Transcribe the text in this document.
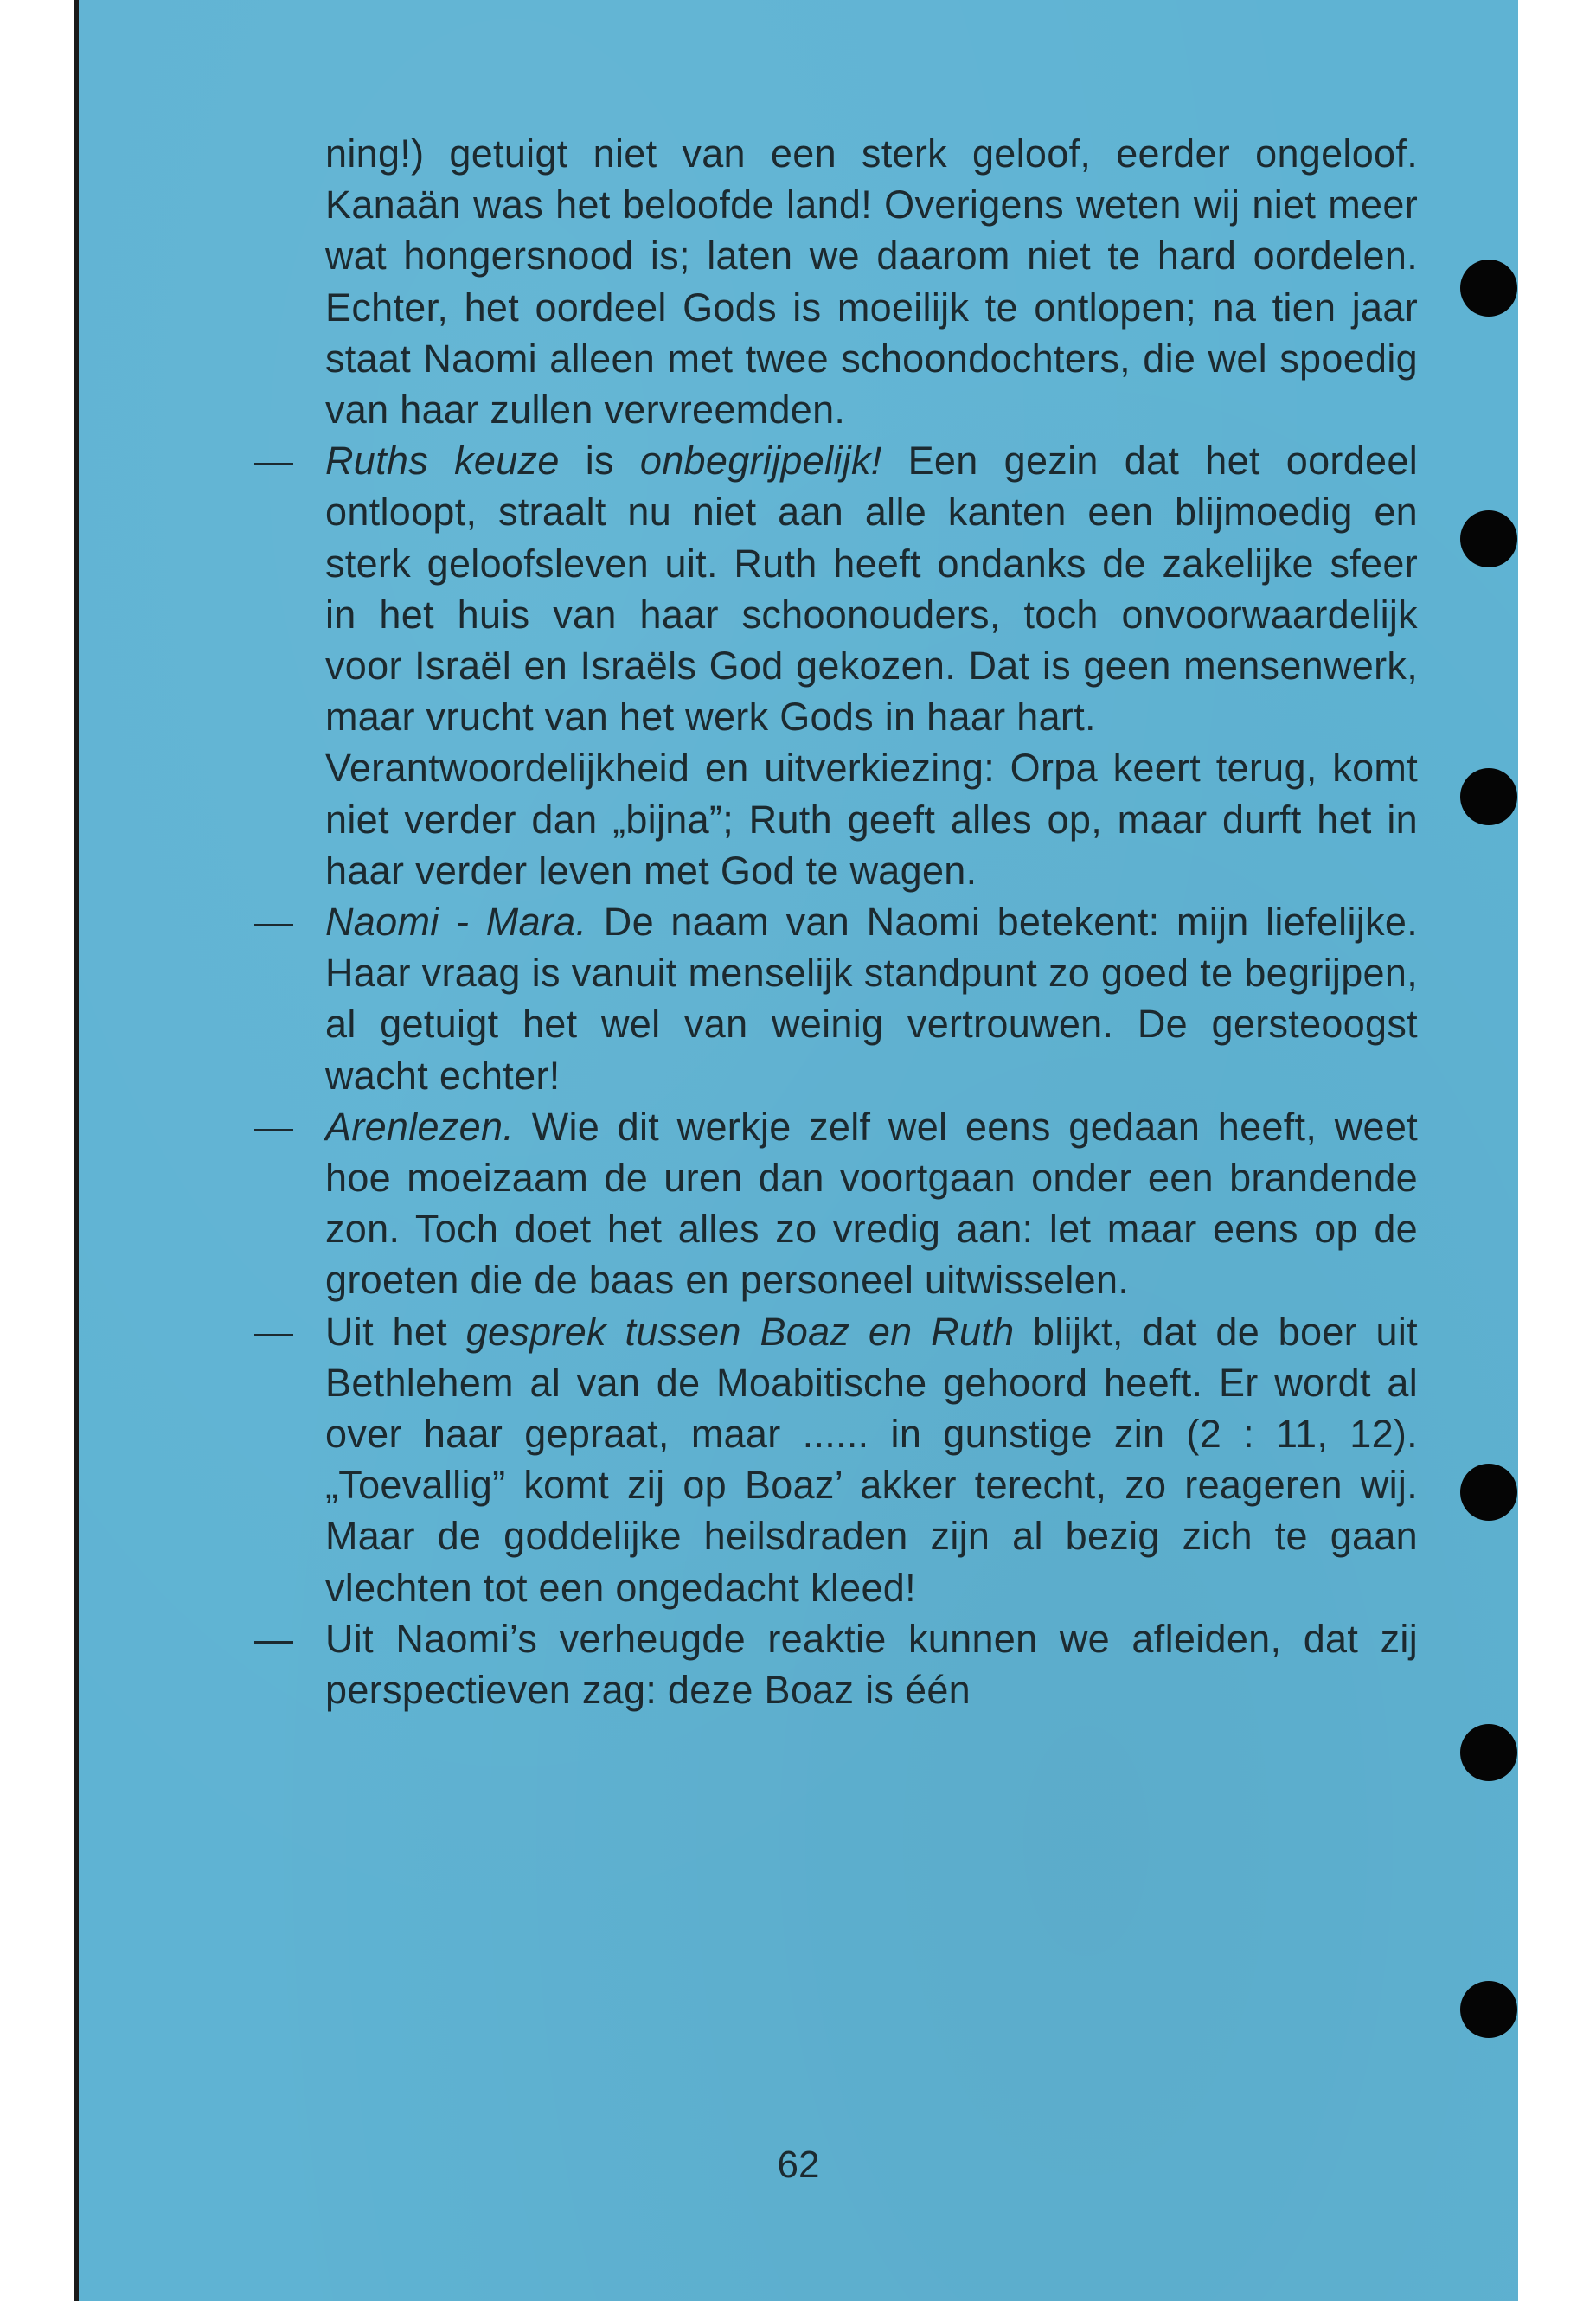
ning!) getuigt niet van een sterk geloof, eerder ongeloof. Kanaän was het beloofde land! Overigens weten wij niet meer wat hongersnood is; laten we daarom niet te hard oordelen. Echter, het oordeel Gods is moeilijk te ontlopen; na tien jaar staat Naomi alleen met twee schoondochters, die wel spoedig van haar zullen vervreemden.

— Ruths keuze is onbegrijpelijk! Een gezin dat het oordeel ontloopt, straalt nu niet aan alle kanten een blijmoedig en sterk geloofsleven uit. Ruth heeft ondanks de zakelijke sfeer in het huis van haar schoonouders, toch onvoorwaardelijk voor Israël en Israëls God gekozen. Dat is geen mensenwerk, maar vrucht van het werk Gods in haar hart.

Verantwoordelijkheid en uitverkiezing: Orpa keert terug, komt niet verder dan „bijna”; Ruth geeft alles op, maar durft het in haar verder leven met God te wagen.

— Naomi - Mara. De naam van Naomi betekent: mijn liefelijke. Haar vraag is vanuit menselijk standpunt zo goed te begrijpen, al getuigt het wel van weinig vertrouwen. De gersteoogst wacht echter!

— Arenlezen. Wie dit werkje zelf wel eens gedaan heeft, weet hoe moeizaam de uren dan voortgaan onder een brandende zon. Toch doet het alles zo vredig aan: let maar eens op de groeten die de baas en personeel uitwisselen.

— Uit het gesprek tussen Boaz en Ruth blijkt, dat de boer uit Bethlehem al van de Moabitische gehoord heeft. Er wordt al over haar gepraat, maar ...... in gunstige zin (2 : 11, 12). „Toevallig” komt zij op Boaz’ akker terecht, zo reageren wij. Maar de goddelijke heilsdraden zijn al bezig zich te gaan vlechten tot een ongedacht kleed!

— Uit Naomi’s verheugde reaktie kunnen we afleiden, dat zij perspectieven zag: deze Boaz is één

62
